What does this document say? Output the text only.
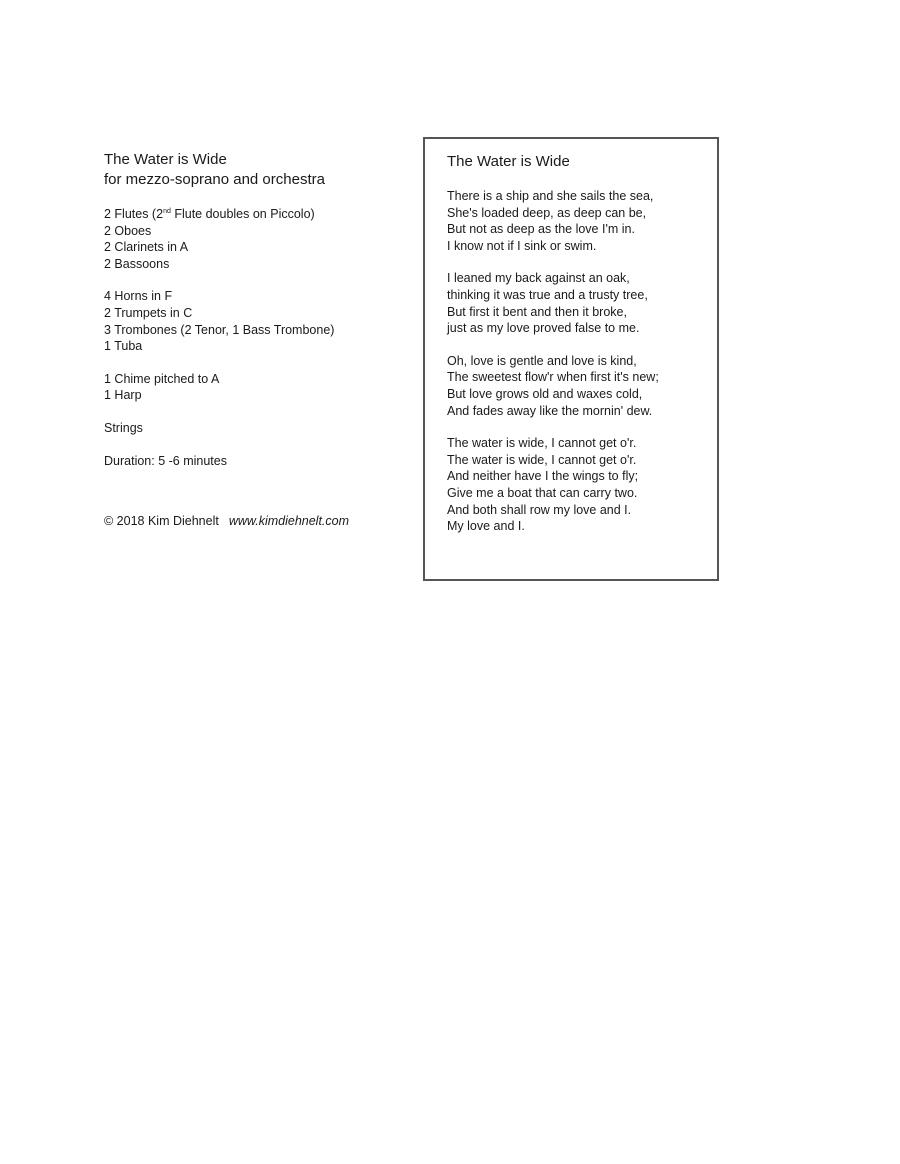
The Water is Wide
for mezzo-soprano and orchestra
2 Flutes (2nd Flute doubles on Piccolo)
2 Oboes
2 Clarinets in A
2 Bassoons
4 Horns in F
2 Trumpets in C
3 Trombones (2 Tenor, 1 Bass Trombone)
1 Tuba
1 Chime pitched to A
1 Harp
Strings
Duration: 5 -6 minutes
© 2018 Kim Diehnelt www.kimdiehnelt.com
The Water is Wide
There is a ship and she sails the sea,
She's loaded deep, as deep can be,
But not as deep as the love I'm in.
I know not if I sink or swim.
I leaned my back against an oak,
thinking it was true and a trusty tree,
But first it bent and then it broke,
just as my love proved false to me.
Oh, love is gentle and love is kind,
The sweetest flow'r when first it's new;
But love grows old and waxes cold,
And fades away like the mornin' dew.
The water is wide, I cannot get o'r.
The water is wide, I cannot get o'r.
And neither have I the wings to fly;
Give me a boat that can carry two.
And both shall row my love and I.
My love and I.
